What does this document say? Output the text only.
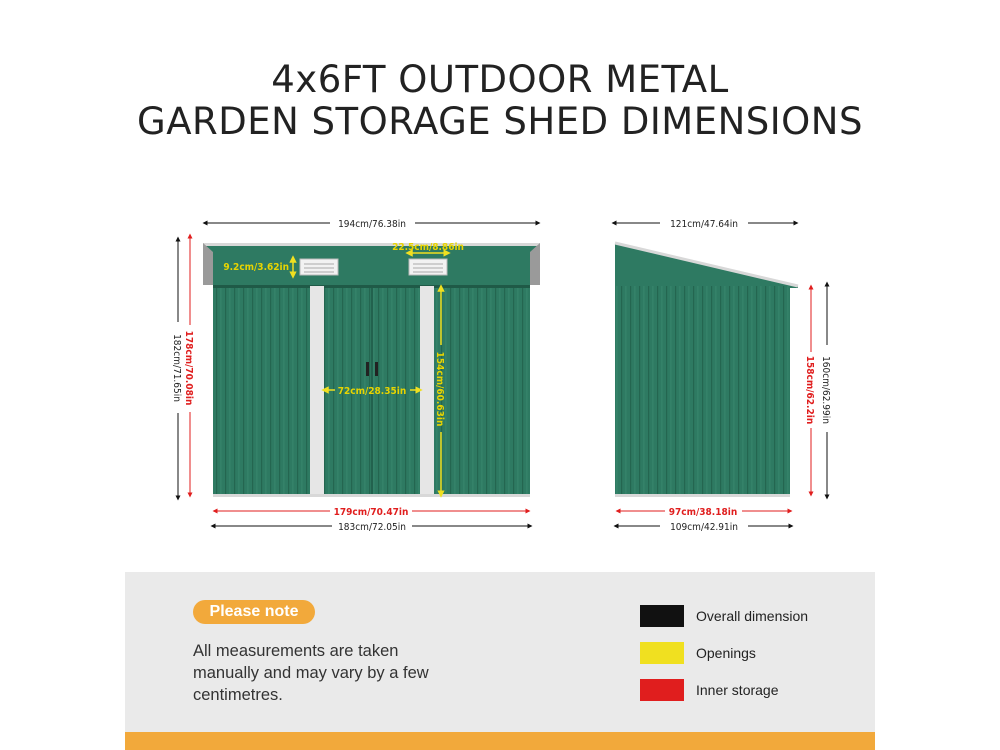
4x6FT OUTDOOR METAL
GARDEN STORAGE SHED DIMENSIONS
194cm/76.38in
22.5cm/8.86in
9.2cm/3.62in
72cm/28.35in	154cm/60.63in
178cm/70.08in
182cm/71.65in
179cm/70.47in
183cm/72.05in
121cm/47.64in
160cm/62.99in
158cm/62.2in
97cm/38.18in
109cm/42.91in
Please note
All measurements are taken manually and may vary by a few centimetres.
Overall dimension
Openings
Inner storage
